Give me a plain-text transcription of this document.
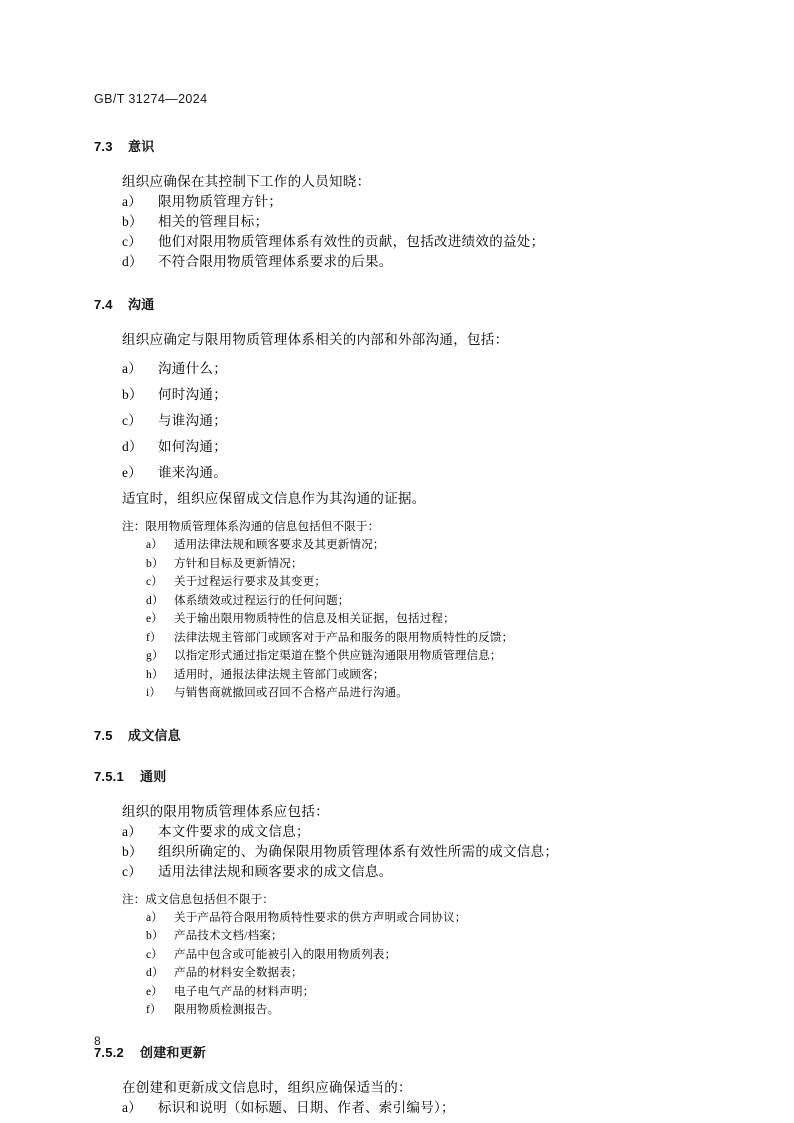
GB/T 31274—2024
7.3 意识

组织应确保在其控制下工作的人员知晓：

a）	限用物质管理方针；
b）	相关的管理目标；
c）	他们对限用物质管理体系有效性的贡献，包括改进绩效的益处；
d）	不符合限用物质管理体系要求的后果。
7.4 沟通

组织应确定与限用物质管理体系相关的内部和外部沟通，包括：

a）	沟通什么；
b）	何时沟通；
c）	与谁沟通；
d）	如何沟通；
e）	谁来沟通。

适宜时，组织应保留成文信息作为其沟通的证据。

注：限用物质管理体系沟通的信息包括但不限于：

a） 适用法律法规和顾客要求及其更新情况；
b） 方针和目标及更新情况；
c） 关于过程运行要求及其变更；
d） 体系绩效或过程运行的任何问题；
e） 关于输出限用物质特性的信息及相关证据，包括过程；
f）	法律法规主管部门或顾客对于产品和服务的限用物质特性的反馈；
g） 以指定形式通过指定渠道在整个供应链沟通限用物质管理信息；
h） 适用时，通报法律法规主管部门或顾客；
i）	与销售商就撤回或召回不合格产品进行沟通。
7.5 成文信息
7.5.1 通则

组织的限用物质管理体系应包括：

a）	本文件要求的成文信息；
b）	组织所确定的、为确保限用物质管理体系有效性所需的成文信息；
c）	适用法律法规和顾客要求的成文信息。

注：成文信息包括但不限于：

a） 关于产品符合限用物质特性要求的供方声明或合同协议；
b） 产品技术文档/档案；
c） 产品中包含或可能被引入的限用物质列表；
d） 产品的材料安全数据表；
e） 电子电气产品的材料声明；
f）	限用物质检测报告。
7.5.2 创建和更新

在创建和更新成文信息时，组织应确保适当的：

a）	标识和说明（如标题、日期、作者、索引编号）；
8
